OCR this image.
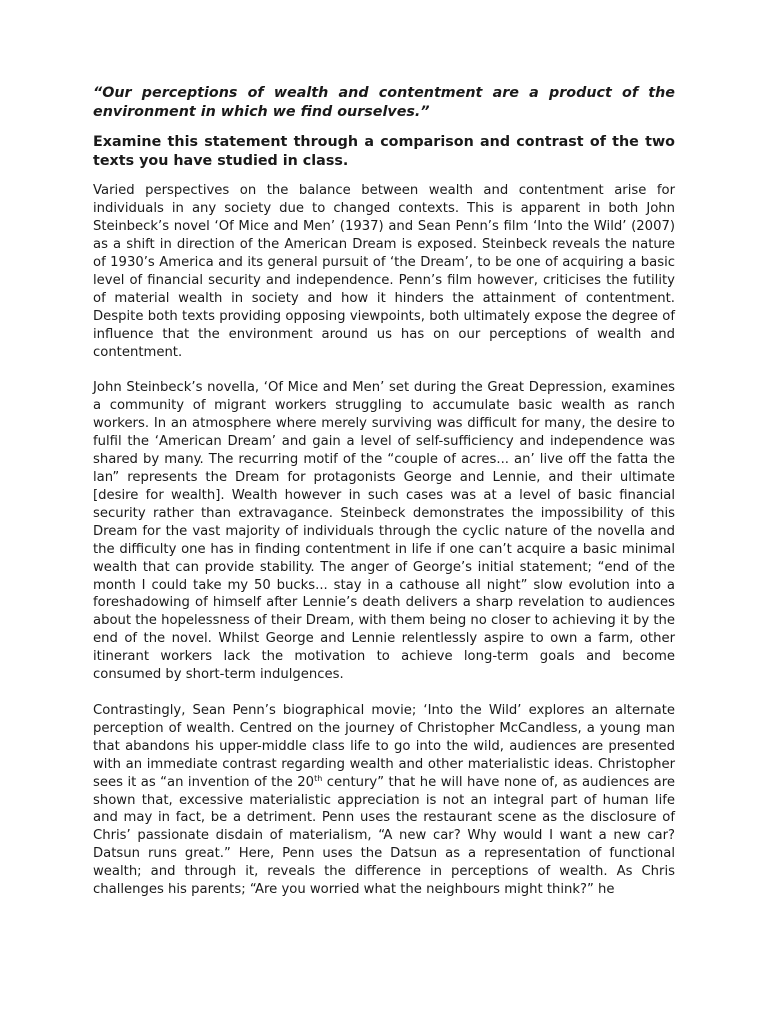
“Our perceptions of wealth and contentment are a product of the environment in which we find ourselves.”

Examine this statement through a comparison and contrast of the two texts you have studied in class.

Varied perspectives on the balance between wealth and contentment arise for individuals in any society due to changed contexts. This is apparent in both John Steinbeck’s novel ‘Of Mice and Men’ (1937) and Sean Penn’s film ‘Into the Wild’ (2007) as a shift in direction of the American Dream is exposed. Steinbeck reveals the nature of 1930’s America and its general pursuit of ‘the Dream’, to be one of acquiring a basic level of financial security and independence. Penn’s film however, criticises the futility of material wealth in society and how it hinders the attainment of contentment. Despite both texts providing opposing viewpoints, both ultimately expose the degree of influence that the environment around us has on our perceptions of wealth and contentment.

John Steinbeck’s novella, ‘Of Mice and Men’ set during the Great Depression, examines a community of migrant workers struggling to accumulate basic wealth as ranch workers. In an atmosphere where merely surviving was difficult for many, the desire to fulfil the ‘American Dream’ and gain a level of self-sufficiency and independence was shared by many. The recurring motif of the “couple of acres... an’ live off the fatta the lan” represents the Dream for protagonists George and Lennie, and their ultimate [desire for wealth]. Wealth however in such cases was at a level of basic financial security rather than extravagance. Steinbeck demonstrates the impossibility of this Dream for the vast majority of individuals through the cyclic nature of the novella and the difficulty one has in finding contentment in life if one can’t acquire a basic minimal wealth that can provide stability. The anger of George’s initial statement; “end of the month I could take my 50 bucks... stay in a cathouse all night” slow evolution into a foreshadowing of himself after Lennie’s death delivers a sharp revelation to audiences about the hopelessness of their Dream, with them being no closer to achieving it by the end of the novel. Whilst George and Lennie relentlessly aspire to own a farm, other itinerant workers lack the motivation to achieve long-term goals and become consumed by short-term indulgences.

Contrastingly, Sean Penn’s biographical movie; ‘Into the Wild’ explores an alternate perception of wealth. Centred on the journey of Christopher McCandless, a young man that abandons his upper-middle class life to go into the wild, audiences are presented with an immediate contrast regarding wealth and other materialistic ideas. Christopher sees it as “an invention of the 20th century” that he will have none of, as audiences are shown that, excessive materialistic appreciation is not an integral part of human life and may in fact, be a detriment. Penn uses the restaurant scene as the disclosure of Chris’ passionate disdain of materialism, “A new car? Why would I want a new car? Datsun runs great.” Here, Penn uses the Datsun as a representation of functional wealth; and through it, reveals the difference in perceptions of wealth. As Chris challenges his parents; “Are you worried what the neighbours might think?” he
